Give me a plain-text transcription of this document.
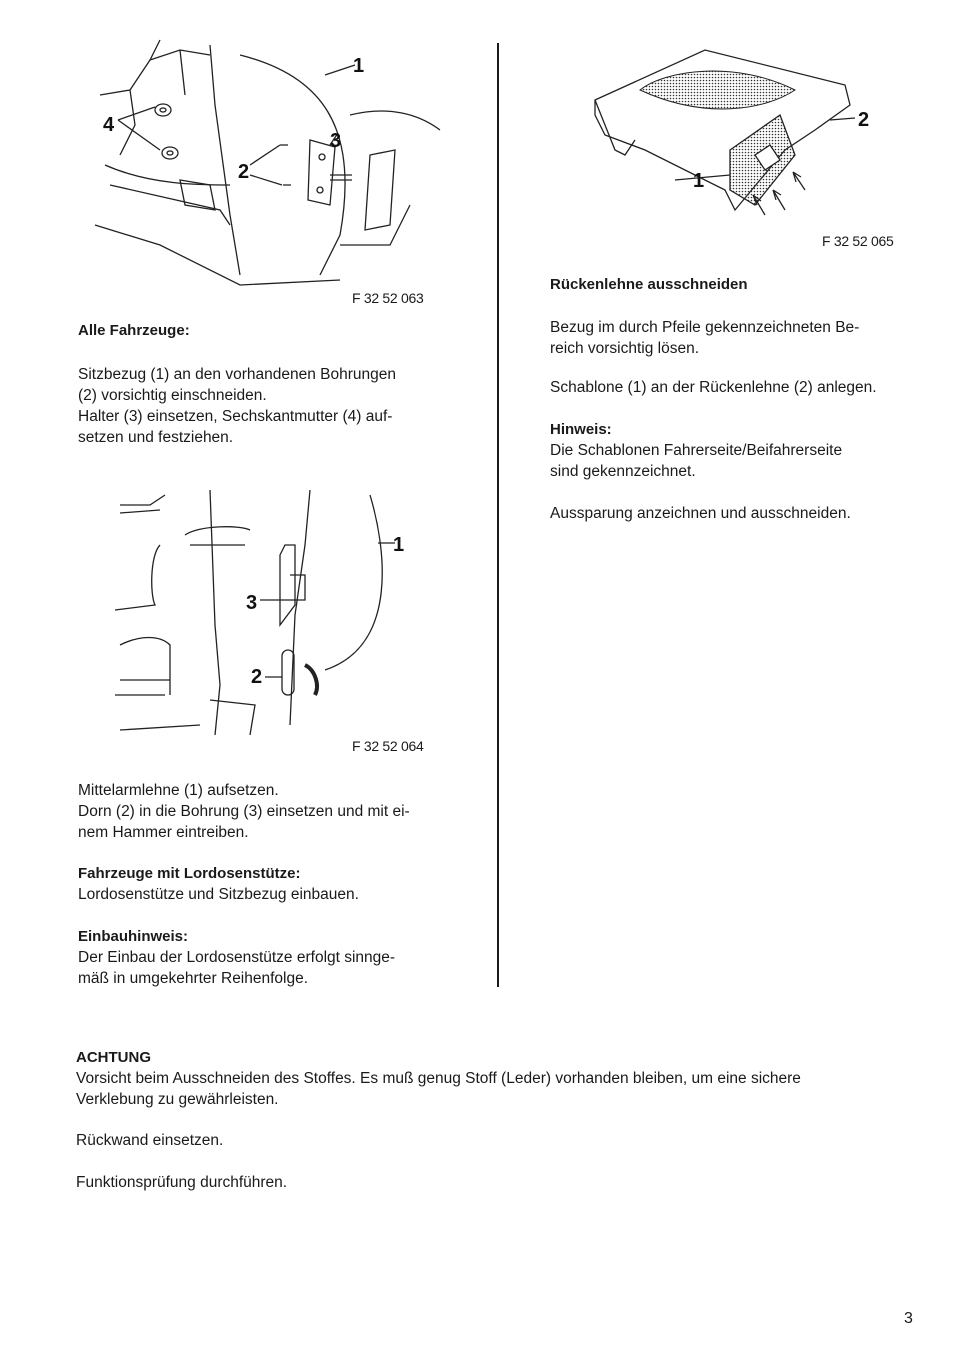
1
2
3
4
F 32 52 063

Alle Fahrzeuge:

Sitzbezug (1) an den vorhandenen Bohrungen

(2) vorsichtig einschneiden.

Halter (3) einsetzen, Sechskantmutter (4) auf-

setzen und festziehen.

1
3
2
F 32 52 064

Mittelarmlehne (1) aufsetzen.

Dorn (2) in die Bohrung (3) einsetzen und mit ei-

nem Hammer eintreiben.

Fahrzeuge mit Lordosenstütze:

Lordosenstütze und Sitzbezug einbauen.

Einbauhinweis:

Der Einbau der Lordosenstütze erfolgt sinnge-

mäß in umgekehrter Reihenfolge.

1
2
F 32 52 065

Rückenlehne ausschneiden

Bezug im durch Pfeile gekennzeichneten Be-

reich vorsichtig lösen.

Schablone (1) an der Rückenlehne (2) anlegen.

Hinweis:

Die Schablonen Fahrerseite/Beifahrerseite

sind gekennzeichnet.

Aussparung anzeichnen und ausschneiden.

ACHTUNG

Vorsicht beim Ausschneiden des Stoffes. Es muß genug Stoff (Leder) vorhanden bleiben, um eine sichere

Verklebung zu gewährleisten.

Rückwand einsetzen.

Funktionsprüfung durchführen.

3
